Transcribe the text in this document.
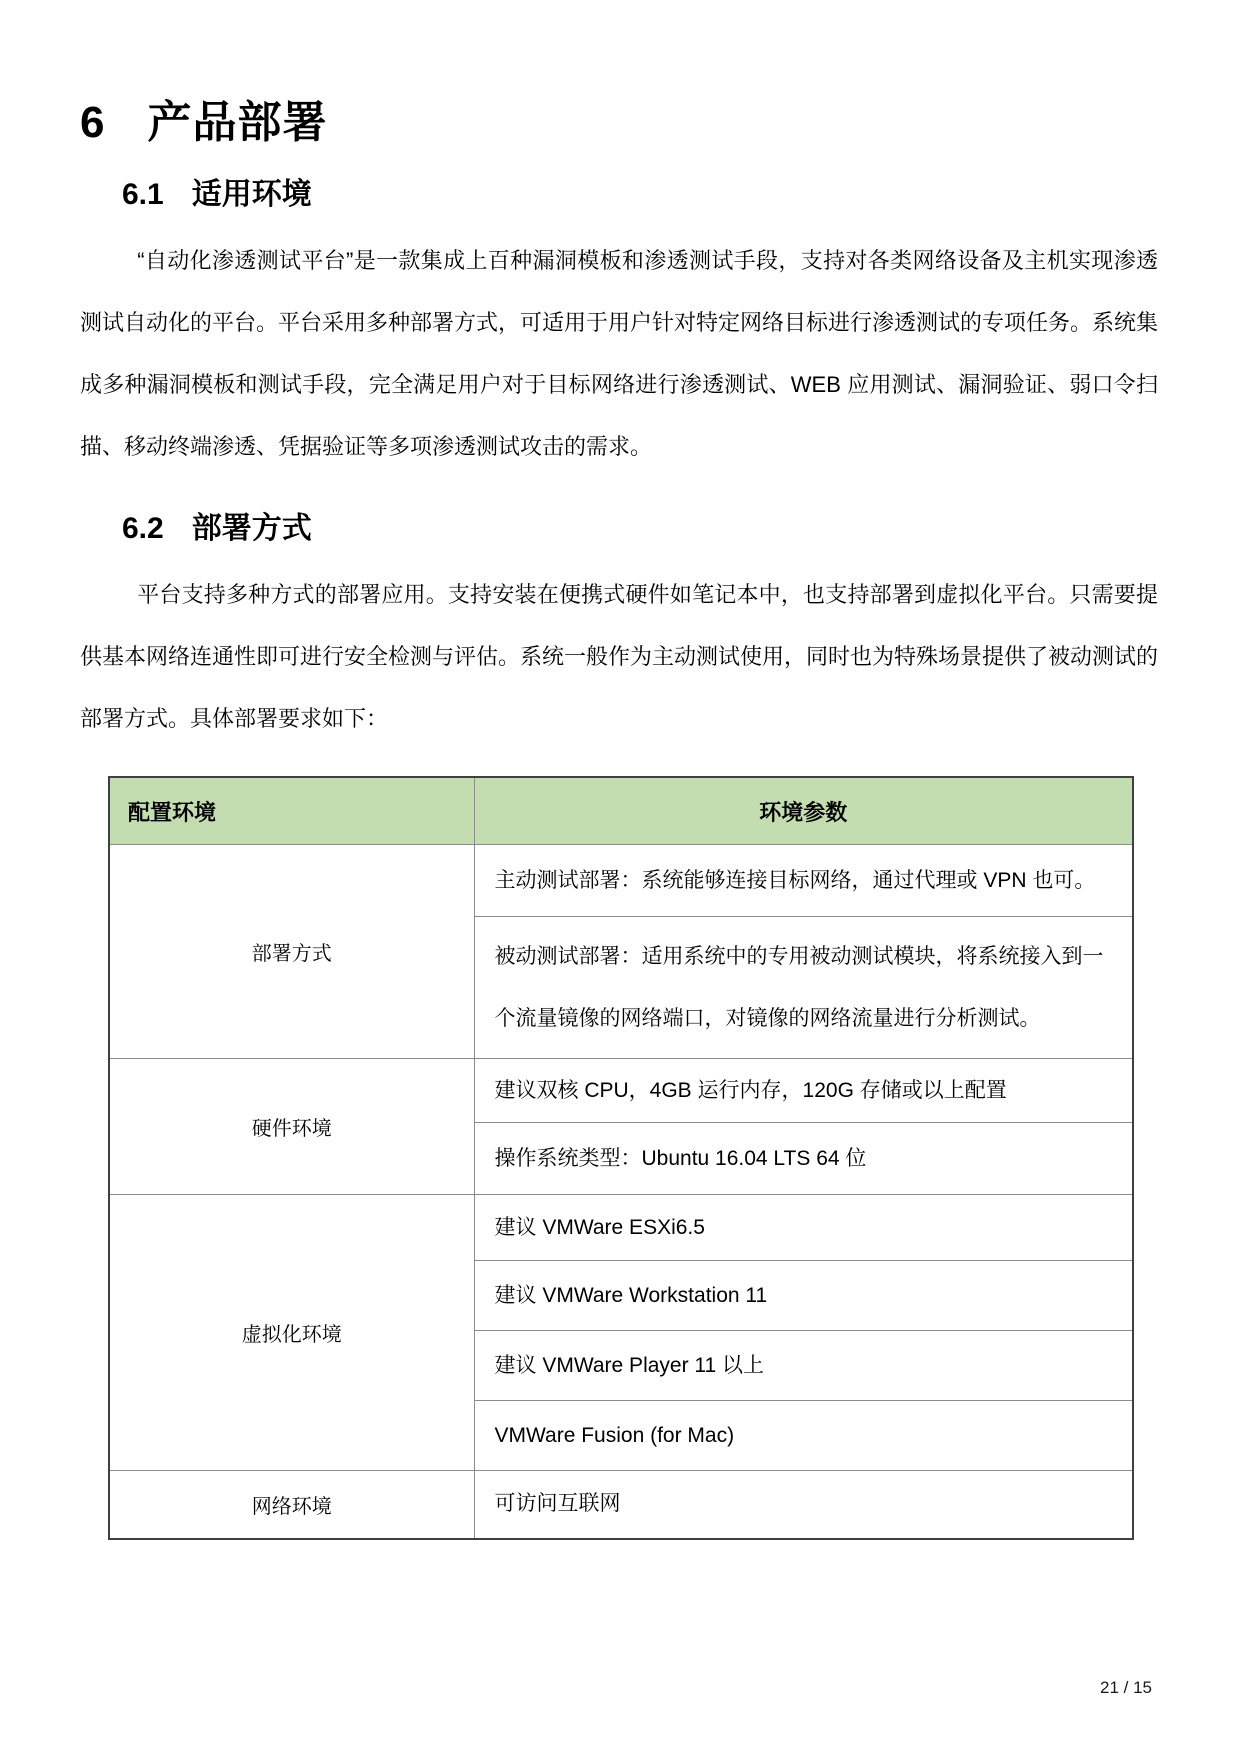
6 产品部署
6.1 适用环境

“自动化渗透测试平台”是一款集成上百种漏洞模板和渗透测试手段，支持对各类网络设备及主机实现渗透测试自动化的平台。平台采用多种部署方式，可适用于用户针对特定网络目标进行渗透测试的专项任务。系统集成多种漏洞模板和测试手段，完全满足用户对于目标网络进行渗透测试、WEB 应用测试、漏洞验证、弱口令扫描、移动终端渗透、凭据验证等多项渗透测试攻击的需求。

6.2 部署方式

平台支持多种方式的部署应用。支持安装在便携式硬件如笔记本中，也支持部署到虚拟化平台。只需要提供基本网络连通性即可进行安全检测与评估。系统一般作为主动测试使用，同时也为特殊场景提供了被动测试的部署方式。具体部署要求如下：

配置环境	环境参数
部署方式	主动测试部署：系统能够连接目标网络，通过代理或 VPN 也可。
	被动测试部署：适用系统中的专用被动测试模块，将系统接入到一个流量镜像的网络端口，对镜像的网络流量进行分析测试。
硬件环境	建议双核 CPU，4GB 运行内存，120G 存储或以上配置
	操作系统类型：Ubuntu 16.04 LTS 64 位
虚拟化环境	建议 VMWare ESXi6.5
	建议 VMWare Workstation 11
	建议 VMWare Player 11 以上
	VMWare Fusion (for Mac)
网络环境	可访问互联网
21 / 15
